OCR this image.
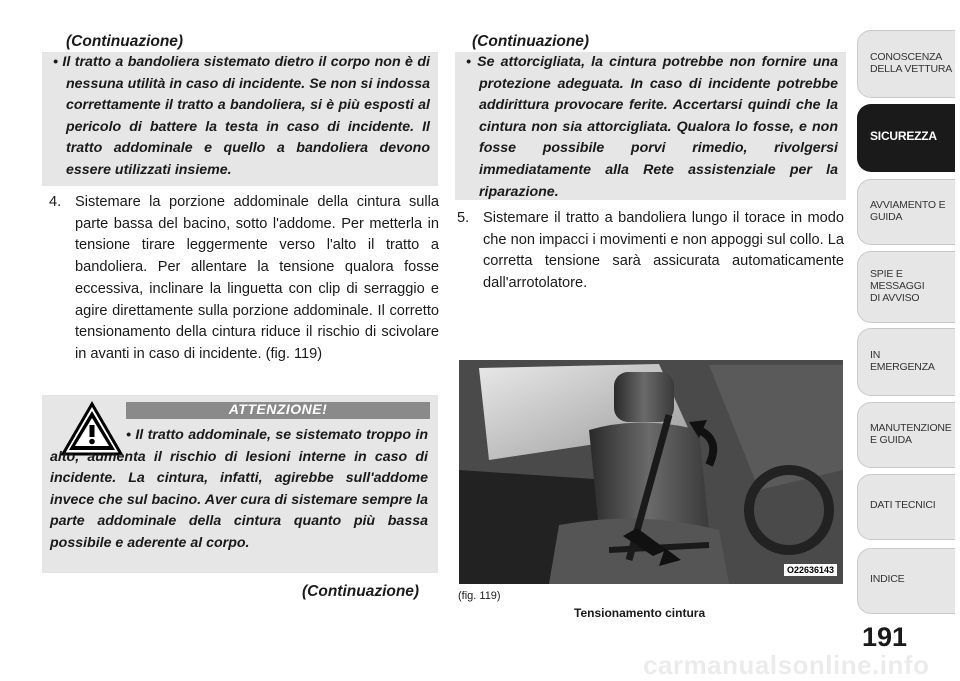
(Continuazione)

• Il tratto a bandoliera sistemato dietro il corpo non è di nessuna utilità in caso di incidente. Se non si indossa correttamente il tratto a bandoliera, si è più esposti al pericolo di battere la testa in caso di incidente. Il tratto addominale e quello a bandoliera devono essere utilizzati insieme.

4. Sistemare la porzione addominale della cintura sulla parte bassa del bacino, sotto l'addome. Per metterla in tensione tirare leggermente verso l'alto il tratto a bandoliera. Per allentare la tensione qualora fosse eccessiva, inclinare la linguetta con clip di serraggio e agire direttamente sulla porzione addominale. Il corretto tensionamento della cintura riduce il rischio di scivolare in avanti in caso di incidente. (fig. 119)
ATTENZIONE!

• Il tratto addominale, se sistemato troppo in alto, aumenta il rischio di lesioni interne in caso di incidente. La cintura, infatti, agirebbe sull'addome invece che sul bacino. Aver cura di sistemare sempre la parte addominale della cintura quanto più bassa possibile e aderente al corpo.

(Continuazione)
(Continuazione)

• Se attorcigliata, la cintura potrebbe non fornire una protezione adeguata. In caso di incidente potrebbe addirittura provocare ferite. Accertarsi quindi che la cintura non sia attorcigliata. Qualora lo fosse, e non fosse possibile porvi rimedio, rivolgersi immediatamente alla Rete assistenziale per la riparazione.

5. Sistemare il tratto a bandoliera lungo il torace in modo che non impacci i movimenti e non appoggi sul collo. La corretta tensione sarà assicurata automaticamente dall'arrotolatore.
O22636143
(fig. 119)
Tensionamento cintura
CONOSCENZA
DELLA VETTURA
SICUREZZA
AVVIAMENTO E
GUIDA
SPIE E
MESSAGGI
DI AVVISO
IN
EMERGENZA
MANUTENZIONE
E GUIDA
DATI TECNICI
INDICE
191
carmanualsonline.info
